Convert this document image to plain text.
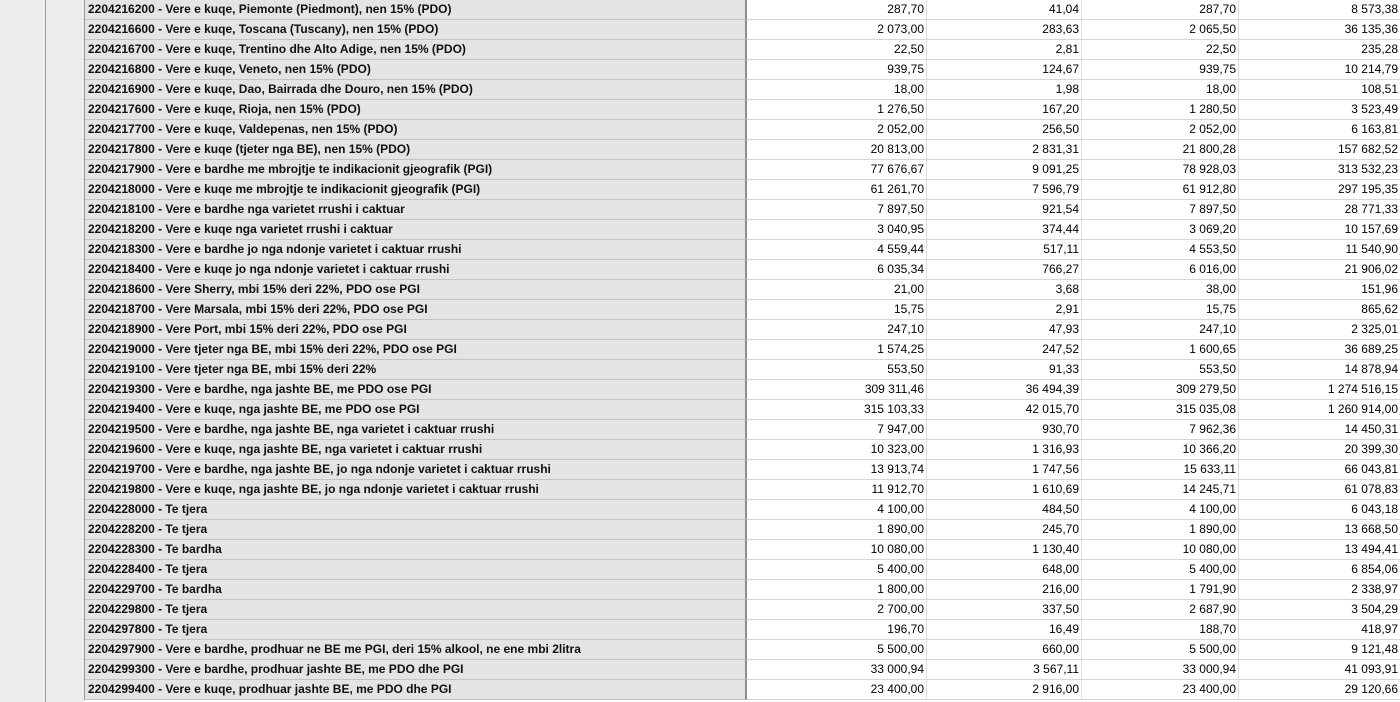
2204216200 - Vere e kuqe, Piemonte (Piedmont), nen 15% (PDO)	287,70	41,04	287,70	8 573,38
2204216600 - Vere e kuqe, Toscana (Tuscany), nen 15% (PDO)	2 073,00	283,63	2 065,50	36 135,36
2204216700 - Vere e kuqe, Trentino dhe Alto Adige, nen 15% (PDO)	22,50	2,81	22,50	235,28
2204216800 - Vere e kuqe, Veneto, nen 15% (PDO)	939,75	124,67	939,75	10 214,79
2204216900 - Vere e kuqe, Dao, Bairrada dhe Douro, nen 15% (PDO)	18,00	1,98	18,00	108,51
2204217600 - Vere e kuqe, Rioja, nen 15% (PDO)	1 276,50	167,20	1 280,50	3 523,49
2204217700 - Vere e kuqe, Valdepenas, nen 15% (PDO)	2 052,00	256,50	2 052,00	6 163,81
2204217800 - Vere e kuqe (tjeter nga BE), nen 15% (PDO)	20 813,00	2 831,31	21 800,28	157 682,52
2204217900 - Vere e bardhe me mbrojtje te indikacionit gjeografik (PGI)	77 676,67	9 091,25	78 928,03	313 532,23
2204218000 - Vere e kuqe me mbrojtje te indikacionit gjeografik (PGI)	61 261,70	7 596,79	61 912,80	297 195,35
2204218100 - Vere e bardhe nga varietet rrushi i caktuar	7 897,50	921,54	7 897,50	28 771,33
2204218200 - Vere e kuqe nga varietet rrushi i caktuar	3 040,95	374,44	3 069,20	10 157,69
2204218300 - Vere e bardhe jo nga ndonje varietet i caktuar rrushi	4 559,44	517,11	4 553,50	11 540,90
2204218400 - Vere e kuqe jo nga ndonje varietet i caktuar rrushi	6 035,34	766,27	6 016,00	21 906,02
2204218600 - Vere Sherry, mbi 15% deri 22%, PDO ose PGI	21,00	3,68	38,00	151,96
2204218700 - Vere Marsala, mbi 15% deri 22%, PDO ose PGI	15,75	2,91	15,75	865,62
2204218900 - Vere Port, mbi 15% deri 22%, PDO ose PGI	247,10	47,93	247,10	2 325,01
2204219000 - Vere tjeter nga BE, mbi 15% deri 22%, PDO ose PGI	1 574,25	247,52	1 600,65	36 689,25
2204219100 - Vere tjeter nga BE, mbi 15% deri 22%	553,50	91,33	553,50	14 878,94
2204219300 - Vere e bardhe, nga jashte BE, me PDO ose PGI	309 311,46	36 494,39	309 279,50	1 274 516,15
2204219400 - Vere e kuqe, nga jashte BE, me PDO ose PGI	315 103,33	42 015,70	315 035,08	1 260 914,00
2204219500 - Vere e bardhe, nga jashte BE, nga varietet i caktuar rrushi	7 947,00	930,70	7 962,36	14 450,31
2204219600 - Vere e kuqe, nga jashte BE, nga varietet i caktuar rrushi	10 323,00	1 316,93	10 366,20	20 399,30
2204219700 - Vere e bardhe, nga jashte BE, jo nga ndonje varietet i caktuar rrushi	13 913,74	1 747,56	15 633,11	66 043,81
2204219800 - Vere e kuqe, nga jashte BE, jo nga ndonje varietet i caktuar rrushi	11 912,70	1 610,69	14 245,71	61 078,83
2204228000 - Te tjera	4 100,00	484,50	4 100,00	6 043,18
2204228200 - Te tjera	1 890,00	245,70	1 890,00	13 668,50
2204228300 - Te bardha	10 080,00	1 130,40	10 080,00	13 494,41
2204228400 - Te tjera	5 400,00	648,00	5 400,00	6 854,06
2204229700 - Te bardha	1 800,00	216,00	1 791,90	2 338,97
2204229800 - Te tjera	2 700,00	337,50	2 687,90	3 504,29
2204297800 - Te tjera	196,70	16,49	188,70	418,97
2204297900 - Vere e bardhe, prodhuar ne BE me PGI, deri 15% alkool, ne ene mbi 2litra	5 500,00	660,00	5 500,00	9 121,48
2204299300 - Vere e bardhe, prodhuar jashte BE, me PDO dhe PGI	33 000,94	3 567,11	33 000,94	41 093,91
2204299400 - Vere e kuqe, prodhuar jashte BE, me PDO dhe PGI	23 400,00	2 916,00	23 400,00	29 120,66
